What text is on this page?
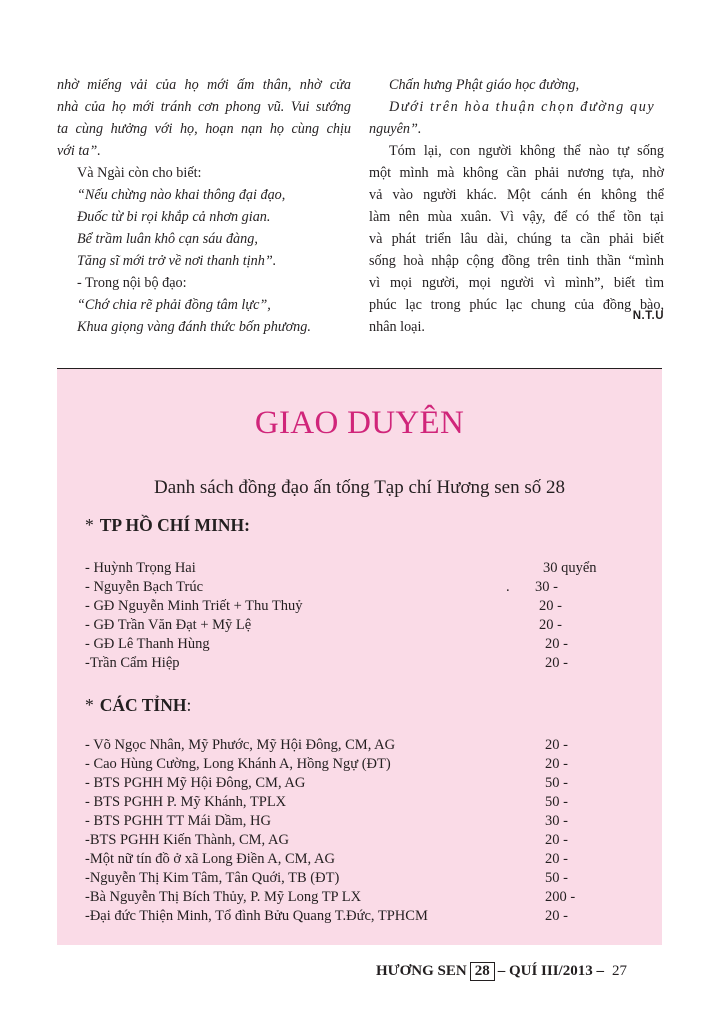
nhờ miếng vải của họ mới ấm thân, nhờ cửa
nhà của họ mới tránh cơn phong vũ. Vui sướng
ta cùng hưởng với họ, hoạn nạn họ cùng chịu
với ta”.
Và Ngài còn cho biết:
“Nếu chừng nào khai thông đại đạo,
Đuốc từ bi rọi khắp cả nhơn gian.
Bể trầm luân khô cạn sáu đàng,
Tăng sĩ mới trở về nơi thanh tịnh”.
- Trong nội bộ đạo:
“Chớ chia rẽ phải đồng tâm lực”,
Khua giọng vàng đánh thức bốn phương.
Chấn hưng Phật giáo học đường,
Dưới trên hòa thuận chọn đường quy
nguyên”.
Tóm lại, con người không thể nào tự sống
một mình mà không cần phải nương tựa, nhờ
vả vào người khác. Một cánh én không thể
làm nên mùa xuân. Vì vậy, để có thể tồn tại
và phát triển lâu dài, chúng ta cần phải biết
sống hoà nhập cộng đồng trên tinh thần “mình
vì mọi người, mọi người vì mình”, biết tìm
phúc lạc trong phúc lạc chung của đồng bào,
nhân loại.
N.T.U
GIAO DUYÊN
Danh sách đồng đạo ấn tống Tạp chí Hương sen số 28
* TP HỒ CHÍ MINH:
- Huỳnh Trọng Hai	30 quyển
- Nguyễn Bạch Trúc	. 30 -
- GĐ Nguyễn Minh Triết + Thu Thuỷ	20 -
- GĐ Trần Văn Đạt + Mỹ Lệ	20 -
- GĐ Lê Thanh Hùng	20 -
-Trần Cẩm Hiệp	20 -
* CÁC TỈNH:
- Võ Ngọc Nhân, Mỹ Phước, Mỹ Hội Đông, CM, AG	20 -
- Cao Hùng Cường, Long Khánh A, Hồng Ngự (ĐT)	20 -
- BTS PGHH Mỹ Hội Đông, CM, AG	50 -
- BTS PGHH P. Mỹ Khánh, TPLX	50 -
- BTS PGHH TT Mái Dầm, HG	30 -
-BTS PGHH Kiến Thành, CM, AG	20 -
-Một nữ tín đồ ở xã Long Điền A, CM, AG	20 -
-Nguyễn Thị Kim Tâm, Tân Quới, TB (ĐT)	50 -
-Bà Nguyễn Thị Bích Thủy, P. Mỹ Long TP LX	200 -
-Đại đức Thiện Minh, Tổ đình Bửu Quang T.Đức, TPHCM	20 -
HƯƠNG SEN 28 – QUÍ III/2013 – 27
